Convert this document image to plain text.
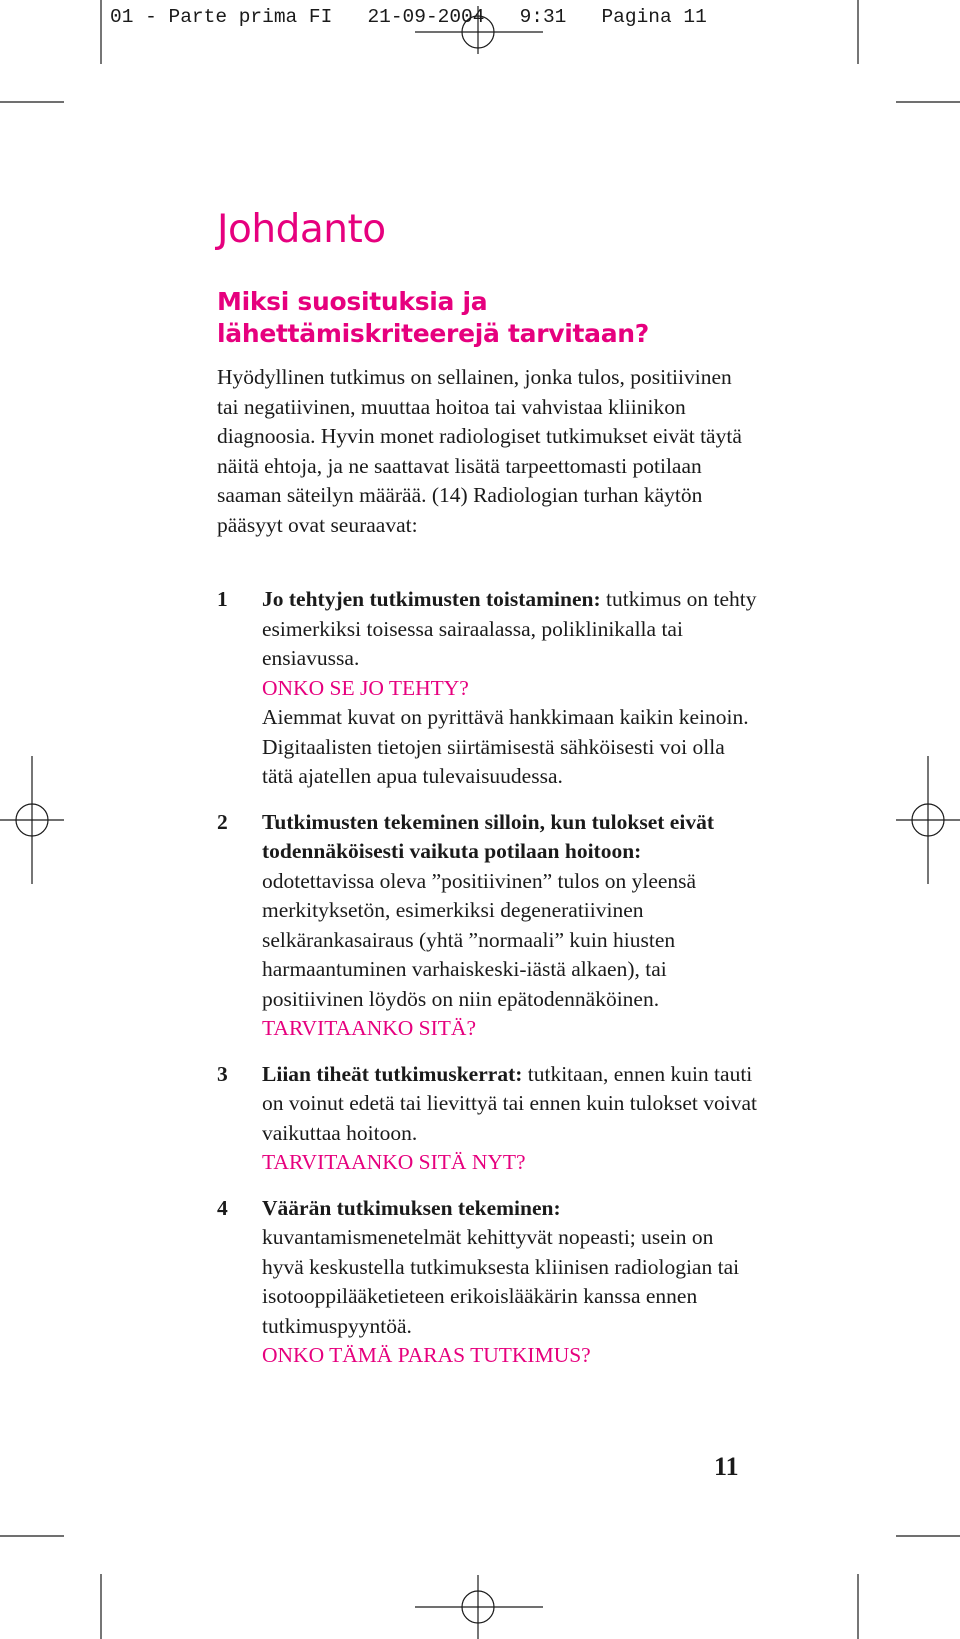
01 - Parte prima FI   21-09-2004   9:31   Pagina 11
Johdanto
Miksi suosituksia ja lähettämiskriteerejä tarvitaan?

Hyödyllinen tutkimus on sellainen, jonka tulos, positiivinen tai negatiivinen, muuttaa hoitoa tai vahvistaa kliinikon diagnoosia. Hyvin monet radiologiset tutkimukset eivät täytä näitä ehtoja, ja ne saattavat lisätä tarpeettomasti potilaan saaman säteilyn määrää. (14) Radiologian turhan käytön pääsyyt ovat seuraavat:

1	Jo tehtyjen tutkimusten toistaminen: tutkimus on tehty esimerkiksi toisessa sairaalassa, poliklinikalla tai ensiavussa.

ONKO SE JO TEHTY?

Aiemmat kuvat on pyrittävä hankkimaan kaikin keinoin. Digitaalisten tietojen siirtämisestä sähköisesti voi olla tätä ajatellen apua tulevaisuudessa.

2	Tutkimusten tekeminen silloin, kun tulokset eivät todennäköisesti vaikuta potilaan hoitoon: odotettavissa oleva ”positiivinen” tulos on yleensä merkityksetön, esimerkiksi degeneratiivinen selkärankasairaus (yhtä ”normaali” kuin hiusten harmaantuminen varhaiskeski-iästä alkaen), tai positiivinen löydös on niin epätodennäköinen.

TARVITAANKO SITÄ?

3	Liian tiheät tutkimuskerrat: tutkitaan, ennen kuin tauti on voinut edetä tai lievittyä tai ennen kuin tulokset voivat vaikuttaa hoitoon.

TARVITAANKO SITÄ NYT?

4	Väärän tutkimuksen tekeminen: kuvantamismenetelmät kehittyvät nopeasti; usein on hyvä keskustella tutkimuksesta kliinisen radiologian tai isotooppilääketieteen erikoislääkärin kanssa ennen tutkimuspyyntöä.

ONKO TÄMÄ PARAS TUTKIMUS?

11
